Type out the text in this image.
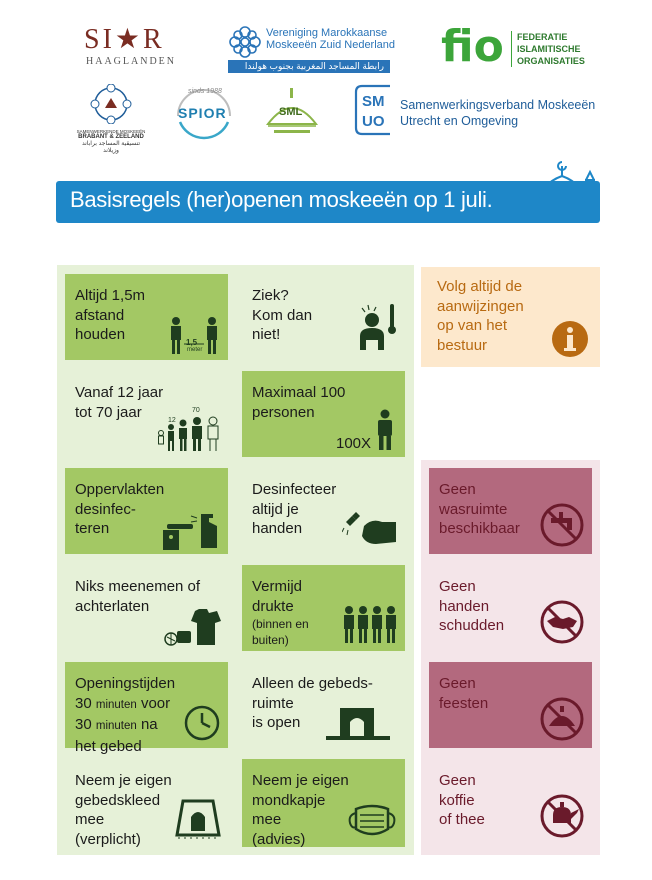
SI★R
HAAGLANDEN
Vereniging Marokkaanse
Moskeeën Zuid Nederland
رابطة المساجد المغربية بجنوب هولندا fio FEDERATIE
ISLAMITISCHE
ORGANISATIES
SAMENWERKENDE MOSKEEËN
BRABANT & ZEELAND
تنسيقية المساجد براباند وزيلاند
sinds 1988
SPIOR	SML
SM
UO
Samenwerkingsverband Moskeeën
Utrecht en Omgeving
Basisregels (her)openen moskeeën op 1 juli.
Altijd 1,5m
afstand
houden	1,5
meter
Ziek?
Kom dan
niet!
Volg altijd de
aanwijzingen
op van het
bestuur
Vanaf 12 jaar
tot 70 jaar	12
70
Maximaal 100
personen
100X
Oppervlakten
desinfec-
teren
Desinfecteer
altijd je
handen
Geen
wasruimte
beschikbaar
Niks meenemen of
achterlaten
Vermijd
drukte
(binnen en
buiten)
Geen
handen
schudden
Openingstijden
30 minuten voor
30 minuten na
het gebed
Alleen de gebeds-
ruimte
is open
Geen
feesten
Neem je eigen
gebedskleed
mee
(verplicht)
Neem je eigen
mondkapje
mee
(advies)
Geen
koffie
of thee
